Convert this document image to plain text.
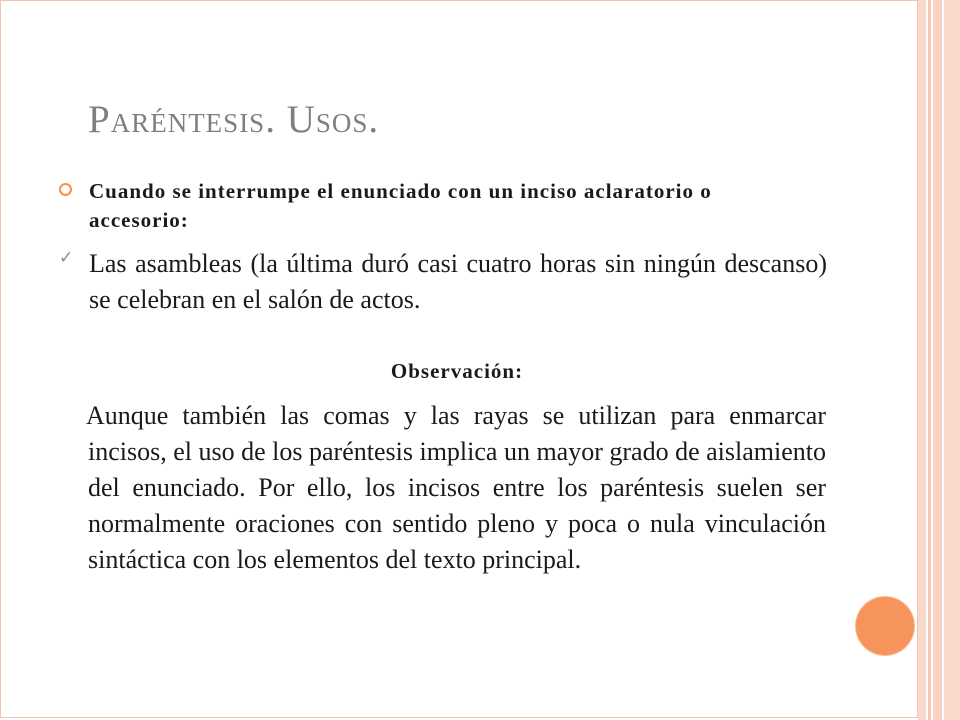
Paréntesis. Usos.
Cuando se interrumpe el enunciado con un inciso aclaratorio o accesorio:
✓ Las asambleas (la última duró casi cuatro horas sin ningún descanso) se celebran en el salón de actos.
Observación:
Aunque también las comas y las rayas se utilizan para enmarcar incisos, el uso de los paréntesis implica un mayor grado de aislamiento del enunciado. Por ello, los incisos entre los paréntesis suelen ser normalmente oraciones con sentido pleno y poca o nula vinculación sintáctica con los elementos del texto principal.
